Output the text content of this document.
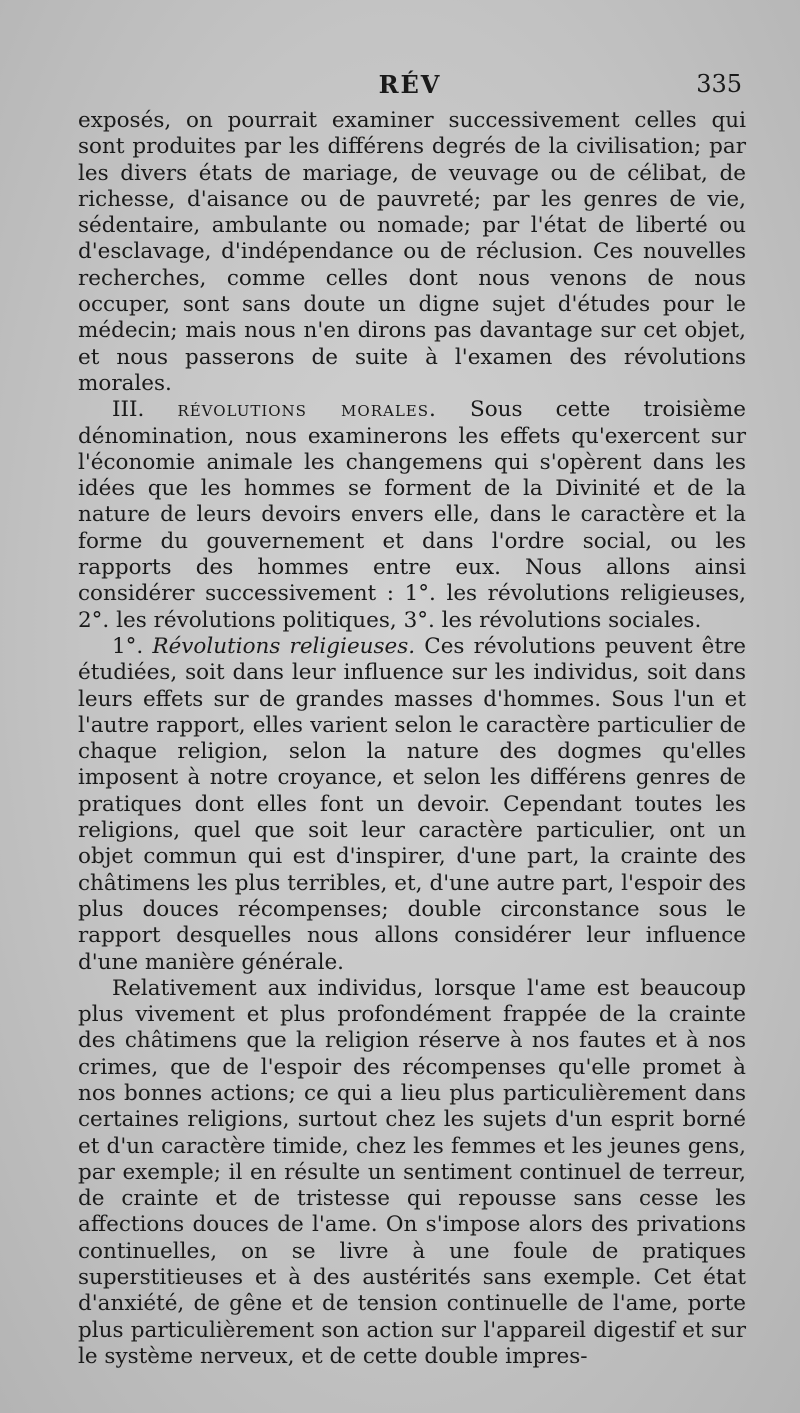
RÉV	335

exposés, on pourrait examiner successivement celles qui sont produites par les différens degrés de la civilisation; par les divers états de mariage, de veuvage ou de célibat, de richesse, d'aisance ou de pauvreté; par les genres de vie, sédentaire, ambulante ou nomade; par l'état de liberté ou d'esclavage, d'indépendance ou de réclusion. Ces nouvelles recherches, comme celles dont nous venons de nous occuper, sont sans doute un digne sujet d'études pour le médecin; mais nous n'en dirons pas davantage sur cet objet, et nous passerons de suite à l'examen des révolutions morales.

III. révolutions morales. Sous cette troisième dénomination, nous examinerons les effets qu'exercent sur l'économie animale les changemens qui s'opèrent dans les idées que les hommes se forment de la Divinité et de la nature de leurs devoirs envers elle, dans le caractère et la forme du gouvernement et dans l'ordre social, ou les rapports des hommes entre eux. Nous allons ainsi considérer successivement : 1°. les révolutions religieuses, 2°. les révolutions politiques, 3°. les révolutions sociales.

1°. Révolutions religieuses. Ces révolutions peuvent être étudiées, soit dans leur influence sur les individus, soit dans leurs effets sur de grandes masses d'hommes. Sous l'un et l'autre rapport, elles varient selon le caractère particulier de chaque religion, selon la nature des dogmes qu'elles imposent à notre croyance, et selon les différens genres de pratiques dont elles font un devoir. Cependant toutes les religions, quel que soit leur caractère particulier, ont un objet commun qui est d'inspirer, d'une part, la crainte des châtimens les plus terribles, et, d'une autre part, l'espoir des plus douces récompenses; double circonstance sous le rapport desquelles nous allons considérer leur influence d'une manière générale.

Relativement aux individus, lorsque l'ame est beaucoup plus vivement et plus profondément frappée de la crainte des châtimens que la religion réserve à nos fautes et à nos crimes, que de l'espoir des récompenses qu'elle promet à nos bonnes actions; ce qui a lieu plus particulièrement dans certaines religions, surtout chez les sujets d'un esprit borné et d'un caractère timide, chez les femmes et les jeunes gens, par exemple; il en résulte un sentiment continuel de terreur, de crainte et de tristesse qui repousse sans cesse les affections douces de l'ame. On s'impose alors des privations continuelles, on se livre à une foule de pratiques superstitieuses et à des austérités sans exemple. Cet état d'anxiété, de gêne et de tension continuelle de l'ame, porte plus particulièrement son action sur l'appareil digestif et sur le système nerveux, et de cette double impres-
